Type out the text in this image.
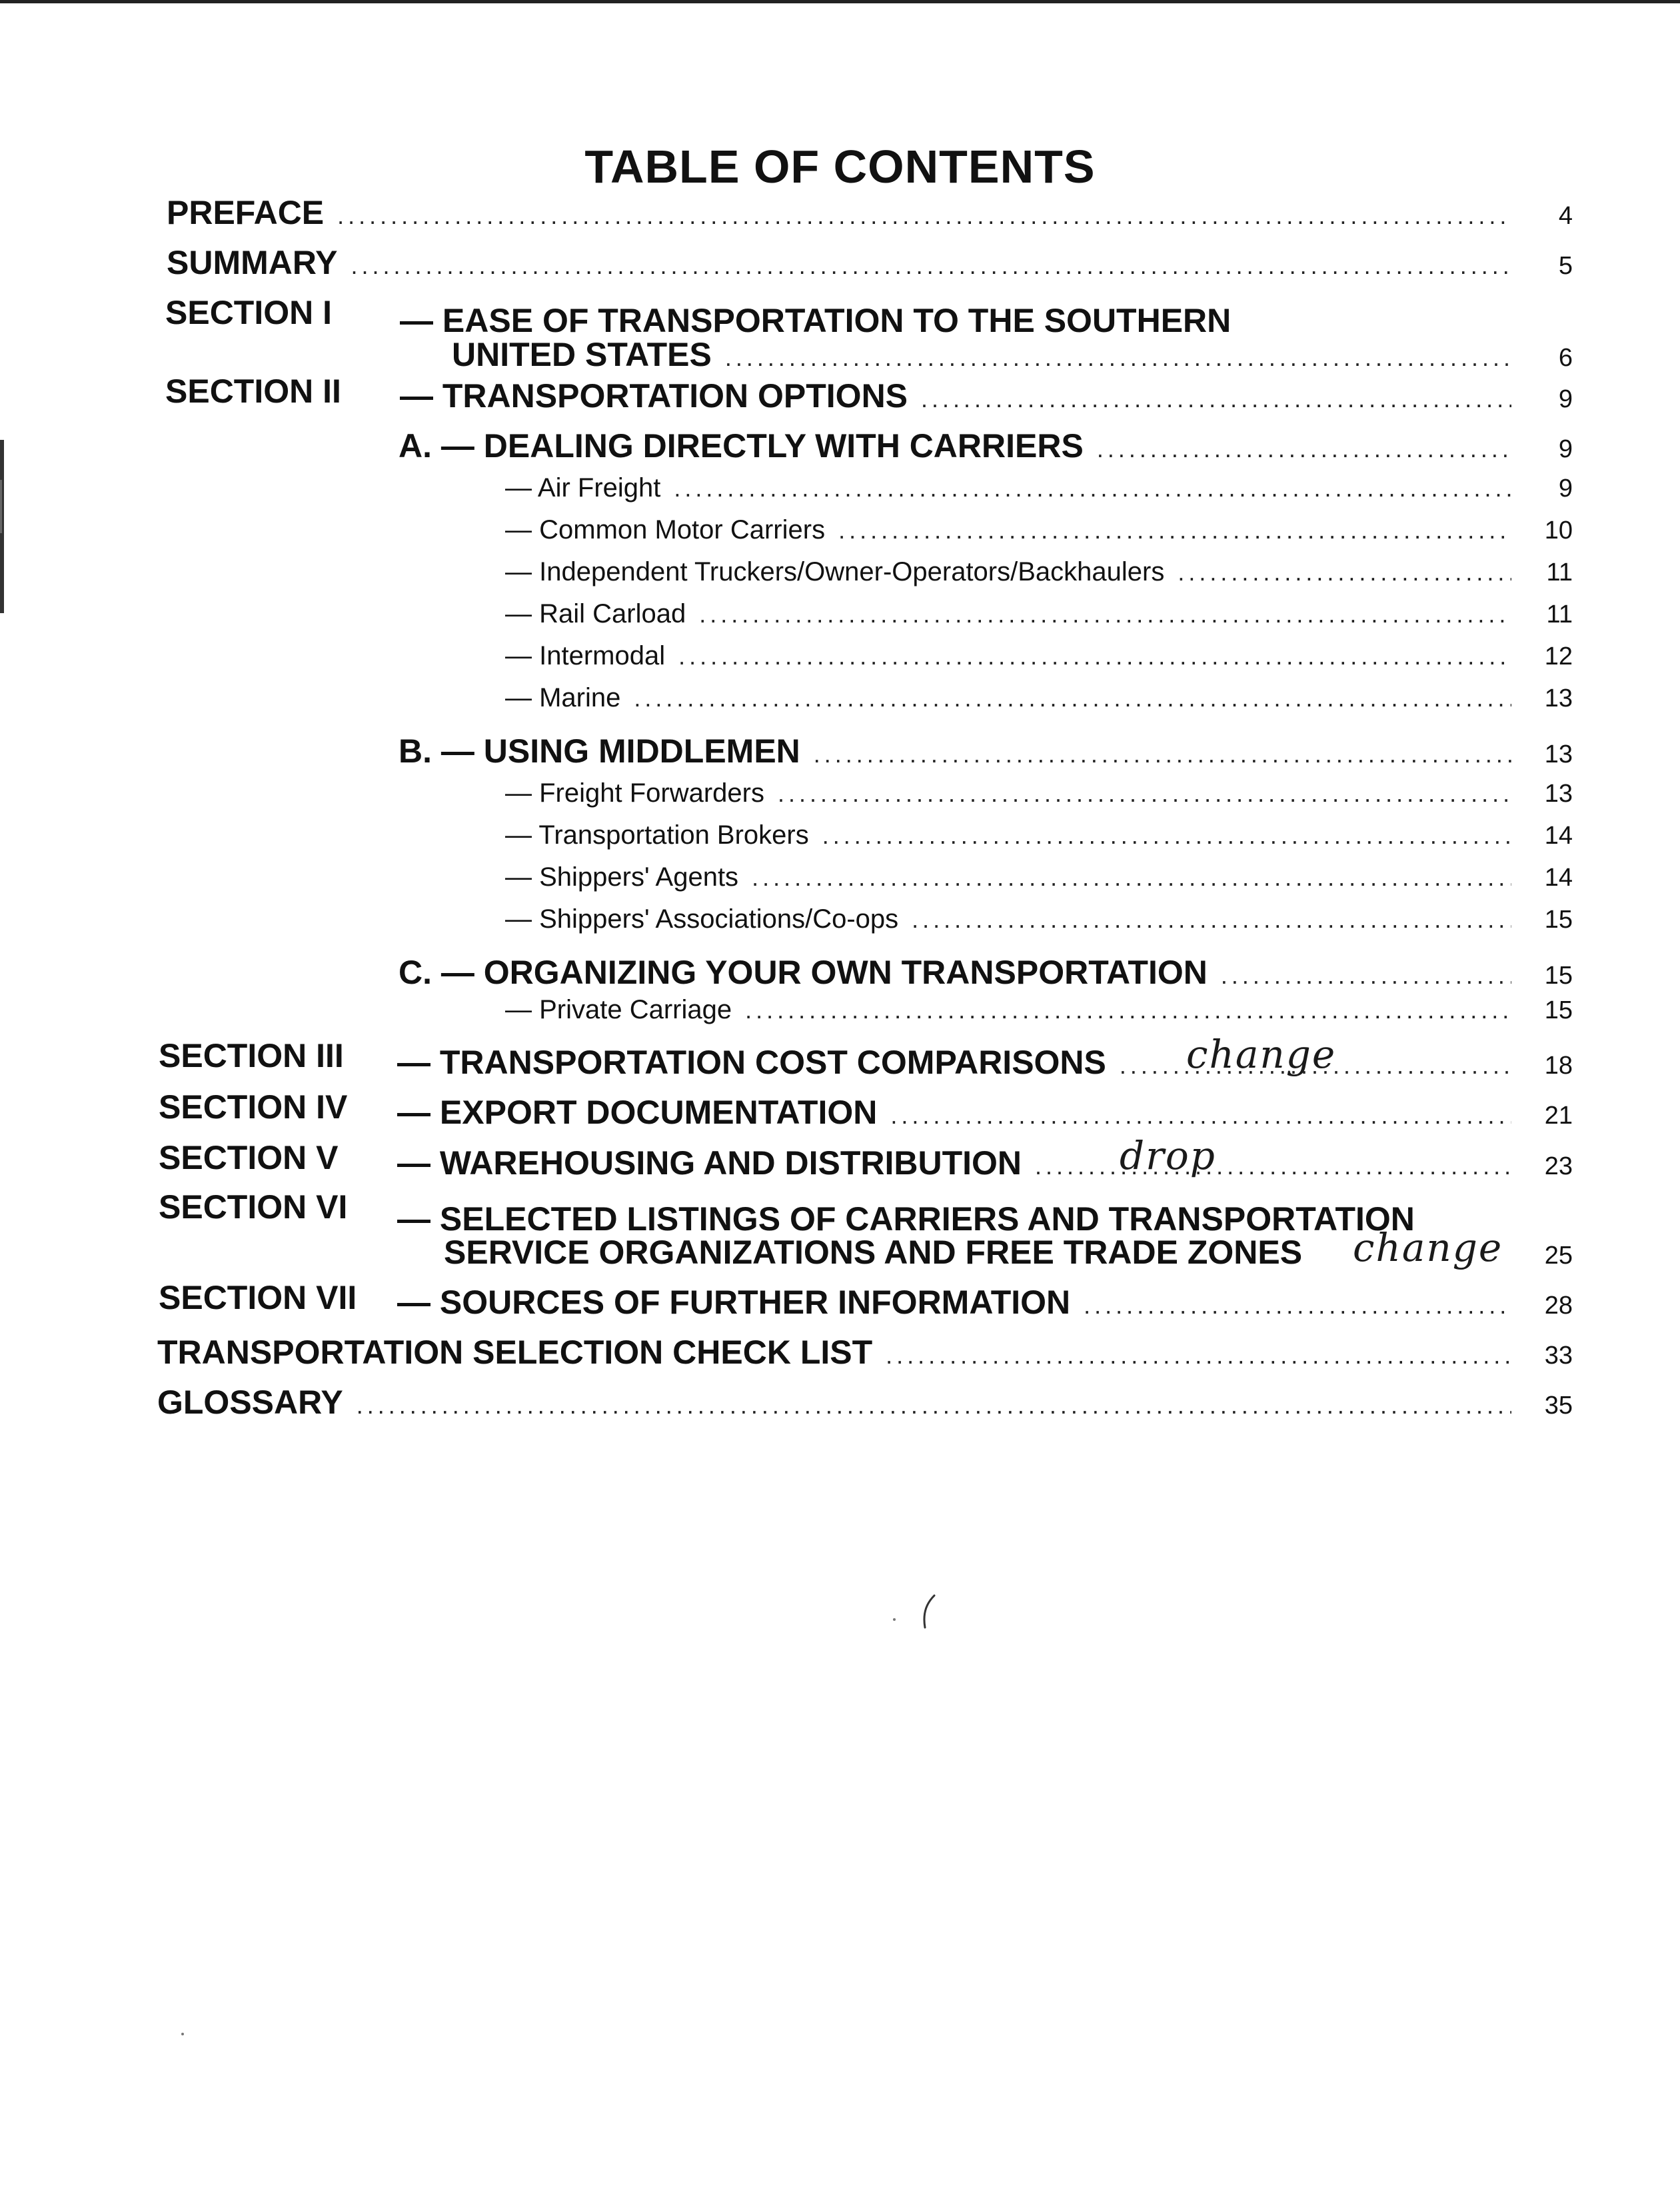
TABLE OF CONTENTS
PREFACE .....	4
SUMMARY .....	5
SECTION I — EASE OF TRANSPORTATION TO THE SOUTHERN
UNITED STATES .....	6
SECTION II — TRANSPORTATION OPTIONS .....	9
A. — DEALING DIRECTLY WITH CARRIERS .....	9
— Air Freight .....	9
— Common Motor Carriers .....	10
— Independent Truckers/Owner-Operators/Backhaulers .....	11
— Rail Carload .....	11
— Intermodal .....	12
— Marine .....	13
B. — USING MIDDLEMEN .....	13
— Freight Forwarders .....	13
— Transportation Brokers .....	14
— Shippers' Agents .....	14
— Shippers' Associations/Co-ops .....	15
C. — ORGANIZING YOUR OWN TRANSPORTATION .....	15
— Private Carriage .....	15
SECTION III — TRANSPORTATION COST COMPARISONS .....	18
change
SECTION IV — EXPORT DOCUMENTATION .....	21
SECTION V — WAREHOUSING AND DISTRIBUTION .....	23
drop
SECTION VI — SELECTED LISTINGS OF CARRIERS AND TRANSPORTATION
SERVICE ORGANIZATIONS AND FREE TRADE ZONES	25
change
SECTION VII — SOURCES OF FURTHER INFORMATION .....	28
TRANSPORTATION SELECTION CHECK LIST .....	33
GLOSSARY .....	35
